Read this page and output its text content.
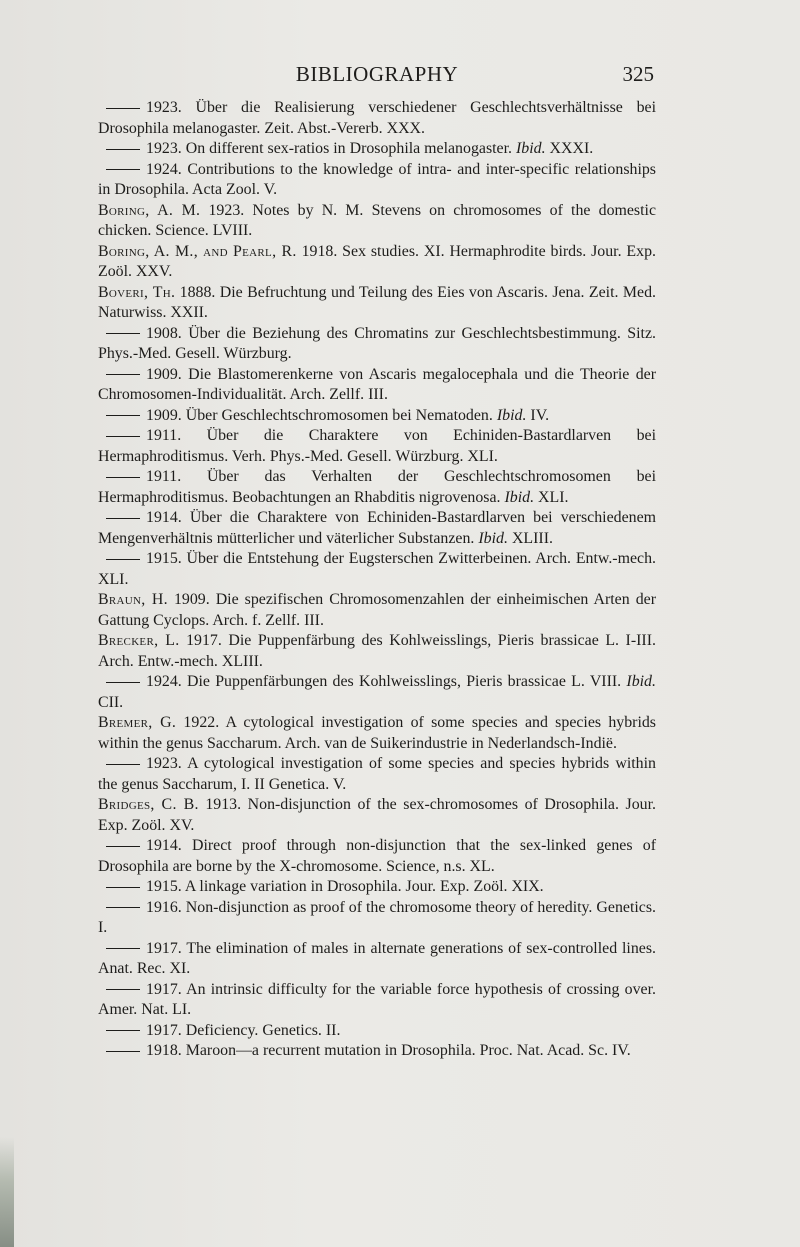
BIBLIOGRAPHY	325
1923. Über die Realisierung verschiedener Geschlechtsverhältnisse bei Drosophila melanogaster. Zeit. Abst.-Vererb. XXX.
1923. On different sex-ratios in Drosophila melanogaster. Ibid. XXXI.
1924. Contributions to the knowledge of intra- and inter-specific relationships in Drosophila. Acta Zool. V.
Boring, A. M. 1923. Notes by N. M. Stevens on chromosomes of the domestic chicken. Science. LVIII.
Boring, A. M., and Pearl, R. 1918. Sex studies. XI. Hermaphrodite birds. Jour. Exp. Zoöl. XXV.
Boveri, Th. 1888. Die Befruchtung und Teilung des Eies von Ascaris. Jena. Zeit. Med. Naturwiss. XXII.
1908. Über die Beziehung des Chromatins zur Geschlechtsbestimmung. Sitz. Phys.-Med. Gesell. Würzburg.
1909. Die Blastomerenkerne von Ascaris megalocephala und die Theorie der Chromosomen-Individualität. Arch. Zellf. III.
1909. Über Geschlechtschromosomen bei Nematoden. Ibid. IV.
1911. Über die Charaktere von Echiniden-Bastardlarven bei Hermaphroditismus. Verh. Phys.-Med. Gesell. Würzburg. XLI.
1911. Über das Verhalten der Geschlechtschromosomen bei Hermaphroditismus. Beobachtungen an Rhabditis nigrovenosa. Ibid. XLI.
1914. Über die Charaktere von Echiniden-Bastardlarven bei verschiedenem Mengenverhältnis mütterlicher und väterlicher Substanzen. Ibid. XLIII.
1915. Über die Entstehung der Eugsterschen Zwitterbeinen. Arch. Entw.-mech. XLI.
Braun, H. 1909. Die spezifischen Chromosomenzahlen der einheimischen Arten der Gattung Cyclops. Arch. f. Zellf. III.
Brecker, L. 1917. Die Puppenfärbung des Kohlweisslings, Pieris brassicae L. I-III. Arch. Entw.-mech. XLIII.
1924. Die Puppenfärbungen des Kohlweisslings, Pieris brassicae L. VIII. Ibid. CII.
Bremer, G. 1922. A cytological investigation of some species and species hybrids within the genus Saccharum. Arch. van de Suikerindustrie in Nederlandsch-Indië.
1923. A cytological investigation of some species and species hybrids within the genus Saccharum, I. II Genetica. V.
Bridges, C. B. 1913. Non-disjunction of the sex-chromosomes of Drosophila. Jour. Exp. Zoöl. XV.
1914. Direct proof through non-disjunction that the sex-linked genes of Drosophila are borne by the X-chromosome. Science, n.s. XL.
1915. A linkage variation in Drosophila. Jour. Exp. Zoöl. XIX.
1916. Non-disjunction as proof of the chromosome theory of heredity. Genetics. I.
1917. The elimination of males in alternate generations of sex-controlled lines. Anat. Rec. XI.
1917. An intrinsic difficulty for the variable force hypothesis of crossing over. Amer. Nat. LI.
1917. Deficiency. Genetics. II.
1918. Maroon—a recurrent mutation in Drosophila. Proc. Nat. Acad. Sc. IV.
